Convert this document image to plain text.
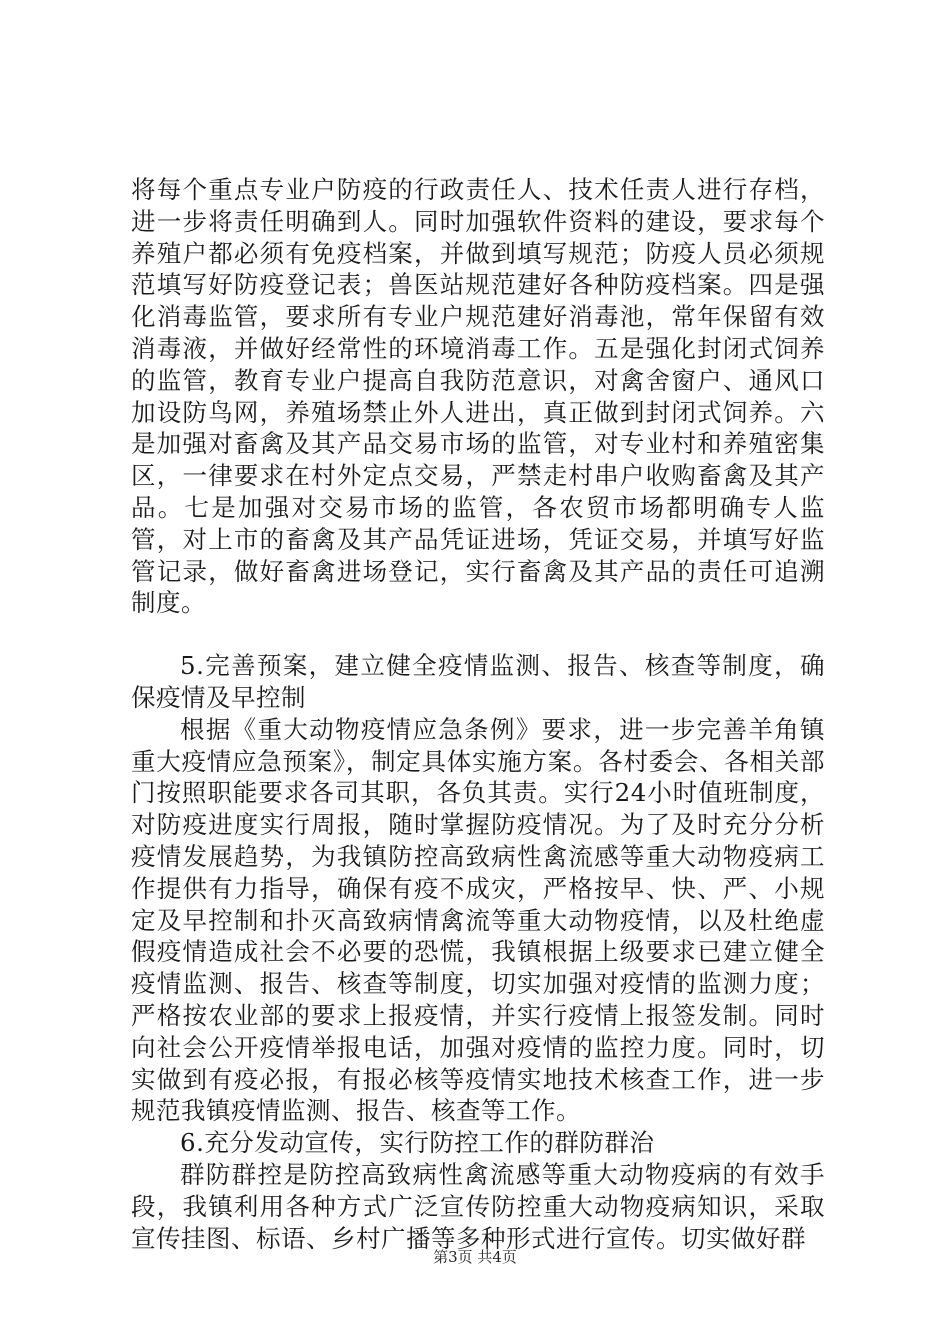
将每个重点专业户防疫的行政责任人、技术任责人进行存档，进一步将责任明确到人。同时加强软件资料的建设，要求每个养殖户都必须有免疫档案，并做到填写规范；防疫人员必须规范填写好防疫登记表；兽医站规范建好各种防疫档案。四是强化消毒监管，要求所有专业户规范建好消毒池，常年保留有效消毒液，并做好经常性的环境消毒工作。五是强化封闭式饲养的监管，教育专业户提高自我防范意识，对禽舍窗户、通风口加设防鸟网，养殖场禁止外人进出，真正做到封闭式饲养。六是加强对畜禽及其产品交易市场的监管，对专业村和养殖密集区，一律要求在村外定点交易，严禁走村串户收购畜禽及其产品。七是加强对交易市场的监管，各农贸市场都明确专人监管，对上市的畜禽及其产品凭证进场，凭证交易，并填写好监管记录，做好畜禽进场登记，实行畜禽及其产品的责任可追溯制度。

5.完善预案，建立健全疫情监测、报告、核查等制度，确保疫情及早控制

根据《重大动物疫情应急条例》要求，进一步完善羊角镇重大疫情应急预案》，制定具体实施方案。各村委会、各相关部门按照职能要求各司其职，各负其责。实行24小时值班制度，对防疫进度实行周报，随时掌握防疫情况。为了及时充分分析疫情发展趋势，为我镇防控高致病性禽流感等重大动物疫病工作提供有力指导，确保有疫不成灾，严格按早、快、严、小规定及早控制和扑灭高致病情禽流等重大动物疫情，以及杜绝虚假疫情造成社会不必要的恐慌，我镇根据上级要求已建立健全疫情监测、报告、核查等制度，切实加强对疫情的监测力度；严格按农业部的要求上报疫情，并实行疫情上报签发制。同时向社会公开疫情举报电话，加强对疫情的监控力度。同时，切实做到有疫必报，有报必核等疫情实地技术核查工作，进一步规范我镇疫情监测、报告、核查等工作。

6.充分发动宣传，实行防控工作的群防群治

群防群控是防控高致病性禽流感等重大动物疫病的有效手段，我镇利用各种方式广泛宣传防控重大动物疫病知识，采取宣传挂图、标语、乡村广播等多种形式进行宣传。切实做好群

第3页 共4页
